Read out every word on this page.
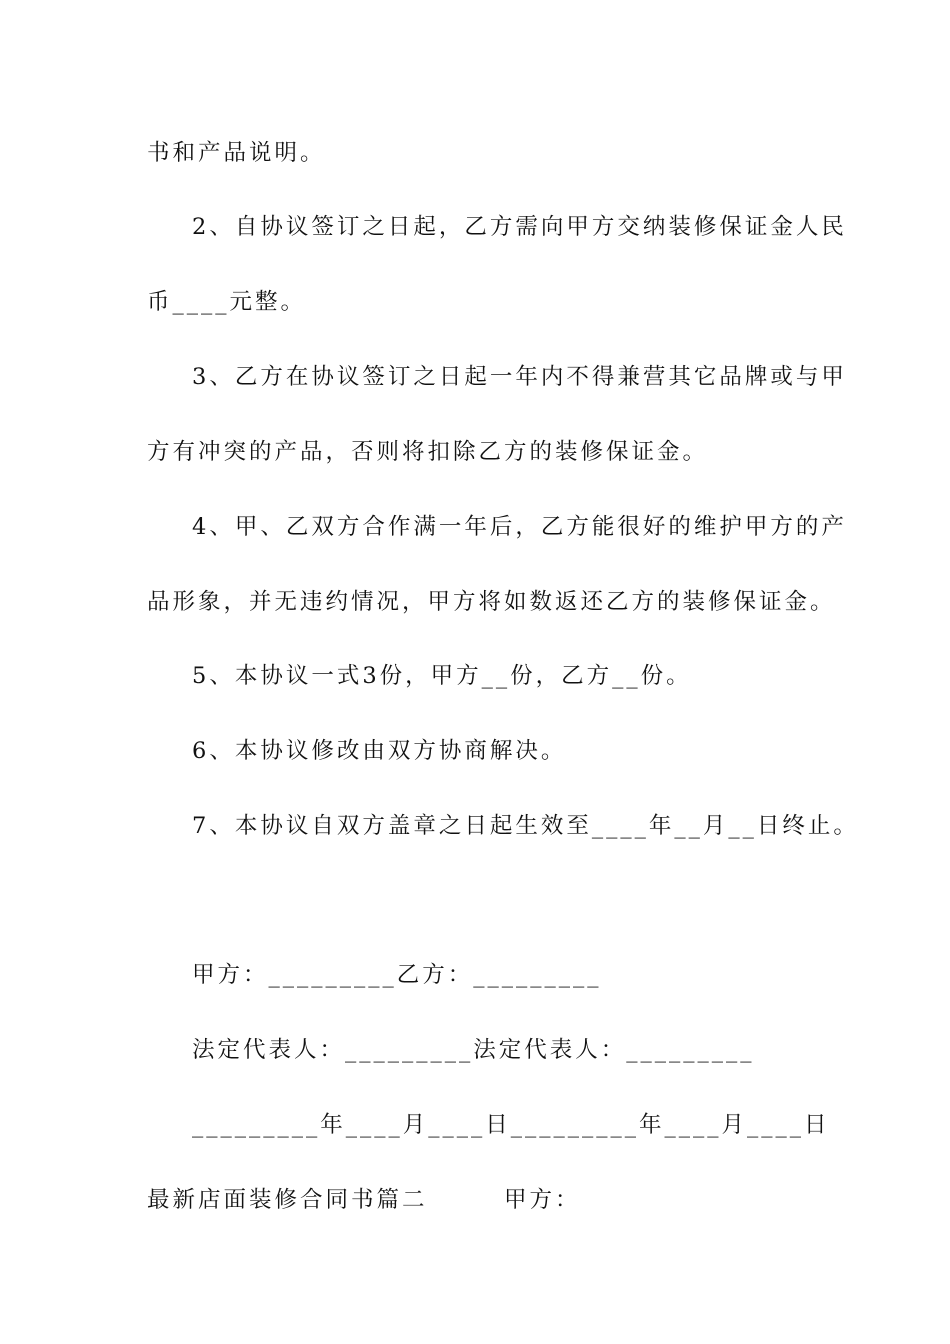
书和产品说明。
2、自协议签订之日起，乙方需向甲方交纳装修保证金人民
币____元整。
3、乙方在协议签订之日起一年内不得兼营其它品牌或与甲
方有冲突的产品，否则将扣除乙方的装修保证金。
4、甲、乙双方合作满一年后，乙方能很好的维护甲方的产
品形象，并无违约情况，甲方将如数返还乙方的装修保证金。
5、本协议一式3份，甲方__份，乙方__份。
6、本协议修改由双方协商解决。
7、本协议自双方盖章之日起生效至____年__月__日终止。
甲方：_________乙方：_________
法定代表人：_________法定代表人：_________
_________年____月____日_________年____月____日
最新店面装修合同书篇二　　　甲方：
